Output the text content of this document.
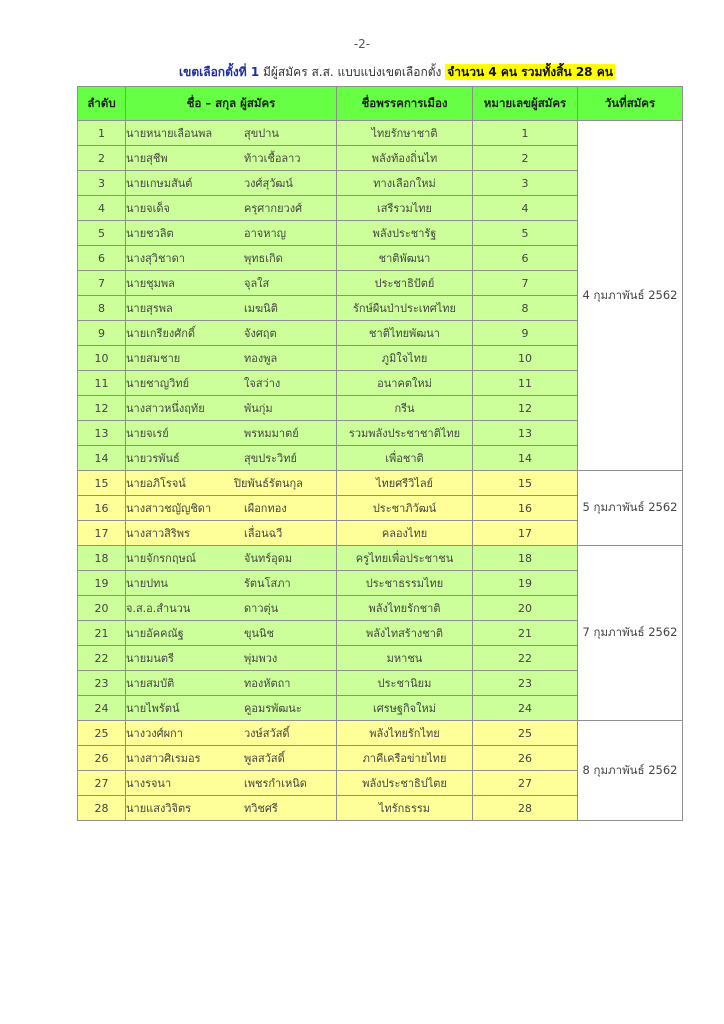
-2-
เขตเลือกตั้งที่ 1 มีผู้สมัคร ส.ส. แบบแบ่งเขตเลือกตั้ง จำนวน 4 คน รวมทั้งสิ้น 28 คน
ลำดับ	ชื่อ – สกุล ผู้สมัคร	ชื่อพรรคการเมือง	หมายเลขผู้สมัคร	วันที่สมัคร
1	นายหนายเลือนพล สุขปาน	ไทยรักษาชาติ	1	4 กุมภาพันธ์ 2562
2	นายสุชีพ ท้าวเชื้อลาว	พลังท้องถิ่นไท	2	
3	นายเกษมสันต์ วงศ์สุวัฒน์	ทางเลือกใหม่	3	
4	นายจเด็จ ครุศากยวงศ์	เสรีรวมไทย	4	
5	นายชวลิต อาจหาญ	พลังประชารัฐ	5	
6	นางสุวิชาดา พุทธเกิด	ชาติพัฒนา	6	
7	นายชุมพล จุลใส	ประชาธิปัตย์	7	
8	นายสุรพล เมฆนิติ	รักษ์ผืนป่าประเทศไทย	8	
9	นายเกรียงศักดิ์ จังศฤต	ชาติไทยพัฒนา	9	
10	นายสมชาย ทองพูล	ภูมิใจไทย	10	
11	นายชาญวิทย์ ใจสว่าง	อนาคตใหม่	11	
12	นางสาวหนึ่งฤทัย พันกุ่ม	กรีน	12	
13	นายจเรย์ พรหมมาตย์	รวมพลังประชาชาติไทย	13	
14	นายวรพันธ์ สุขประวิทย์	เพื่อชาติ	14	
15	นายอภิโรจน์ ปิยพันธ์รัตนกุล	ไทยศรีวิไลย์	15	5 กุมภาพันธ์ 2562
16	นางสาวชญัญชิดา เผือกทอง	ประชาภิวัฒน์	16	
17	นางสาวสิริพร เลื่อนฉวี	คลองไทย	17	
18	นายจักรกฤษณ์ จันทร์อุดม	ครูไทยเพื่อประชาชน	18	7 กุมภาพันธ์ 2562
19	นายปทน รัตนโสภา	ประชาธรรมไทย	19	
20	จ.ส.อ.สำนวน ดาวตุ่น	พลังไทยรักชาติ	20	
21	นายอัคคณัฐ ขุนนิช	พลังไทสร้างชาติ	21	
22	นายมนตรี พุ่มพวง	มหาชน	22	
23	นายสมบัติ ทองหัตถา	ประชานิยม	23	
24	นายไพรัตน์ คูอมรพัฒนะ	เศรษฐกิจใหม่	24	
25	นางวงศ์ผกา วงษ์สวัสดิ์	พลังไทยรักไทย	25	8 กุมภาพันธ์ 2562
26	นางสาวศิเรมอร พูลสวัสดิ์	ภาคีเครือข่ายไทย	26	
27	นางรจนา เพชรกำเหนิด	พลังประชาธิปไตย	27	
28	นายแสงวิจิตร ทวิชศรี	ไทรักธรรม	28	
